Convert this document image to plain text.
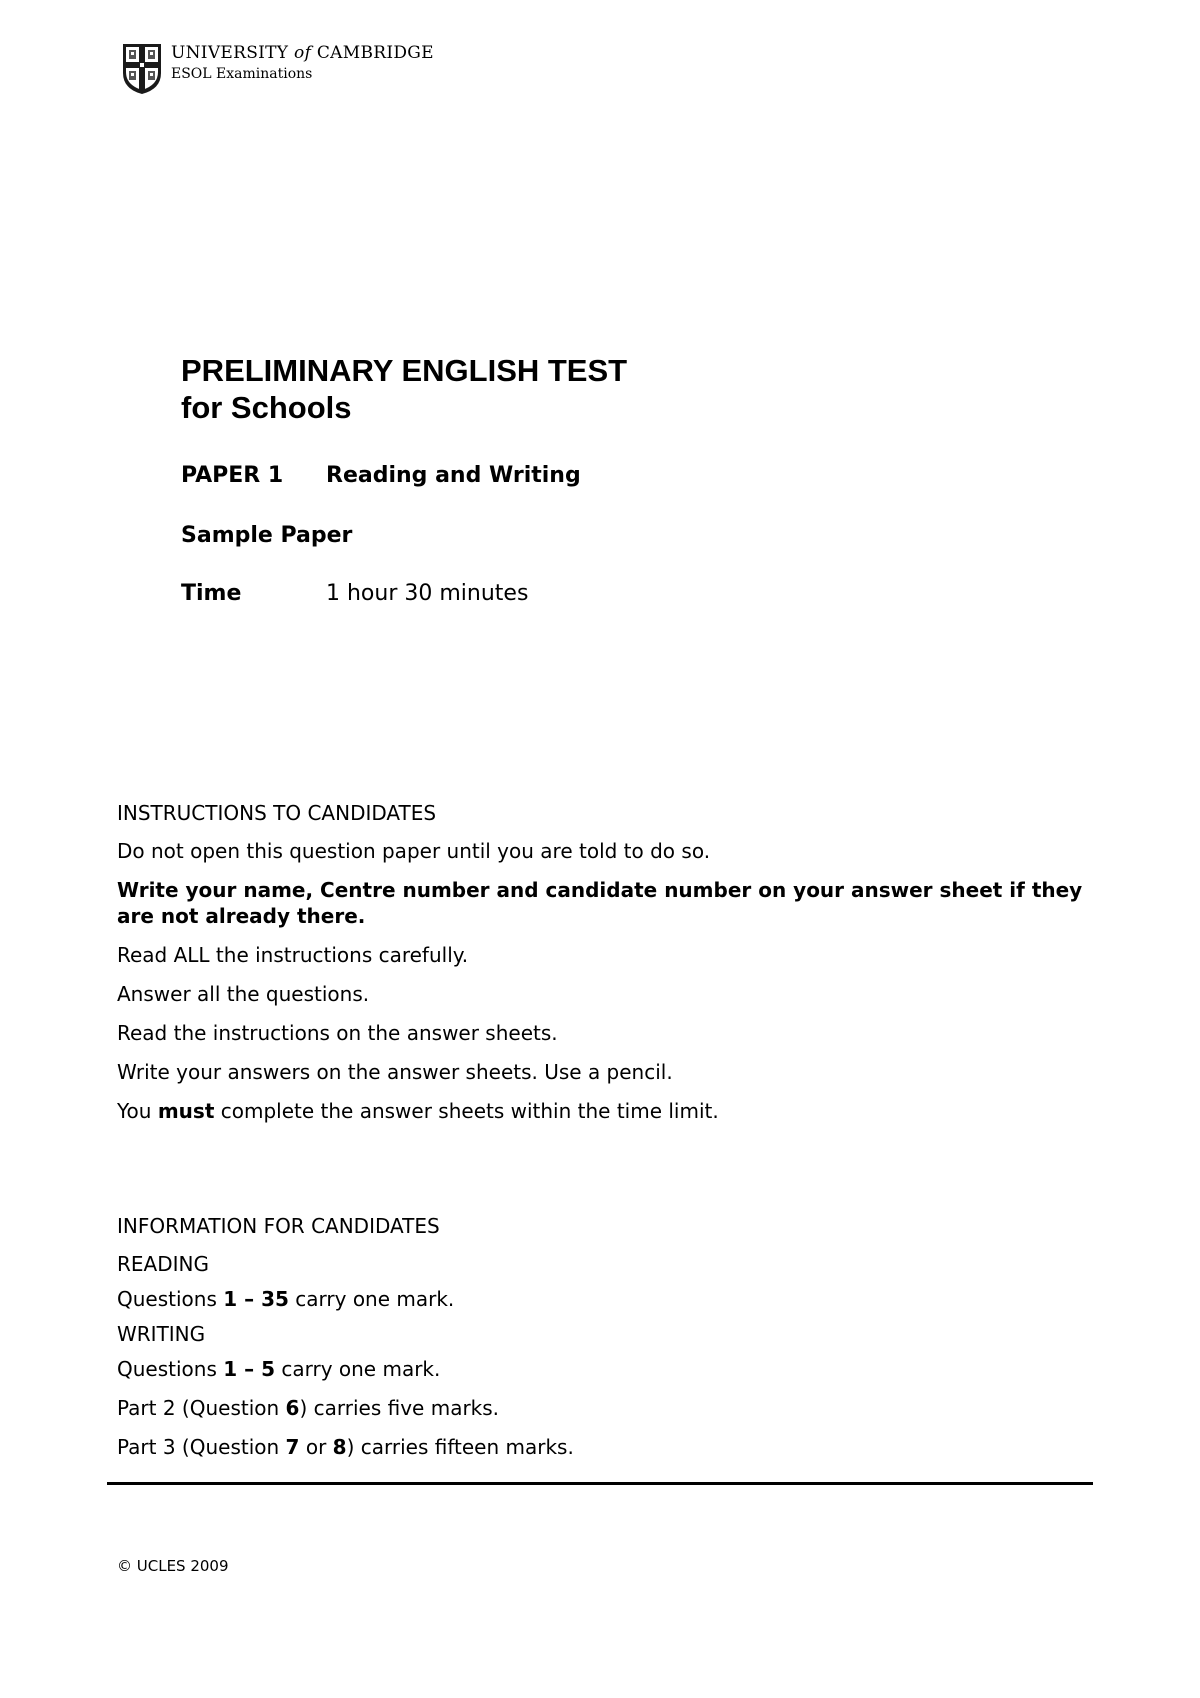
UNIVERSITY of CAMBRIDGE
ESOL Examinations
PRELIMINARY ENGLISH TEST
for Schools
PAPER 1 Reading and Writing
Sample Paper
Time	1 hour 30 minutes
INSTRUCTIONS TO CANDIDATES
Do not open this question paper until you are told to do so.
Write your name, Centre number and candidate number on your answer sheet if they are not already there.
Read ALL the instructions carefully.
Answer all the questions.
Read the instructions on the answer sheets.
Write your answers on the answer sheets. Use a pencil.
You must complete the answer sheets within the time limit.
INFORMATION FOR CANDIDATES
READING
Questions 1 – 35 carry one mark.
WRITING
Questions 1 – 5 carry one mark.
Part 2 (Question 6) carries five marks.
Part 3 (Question 7 or 8) carries fifteen marks.
© UCLES 2009
